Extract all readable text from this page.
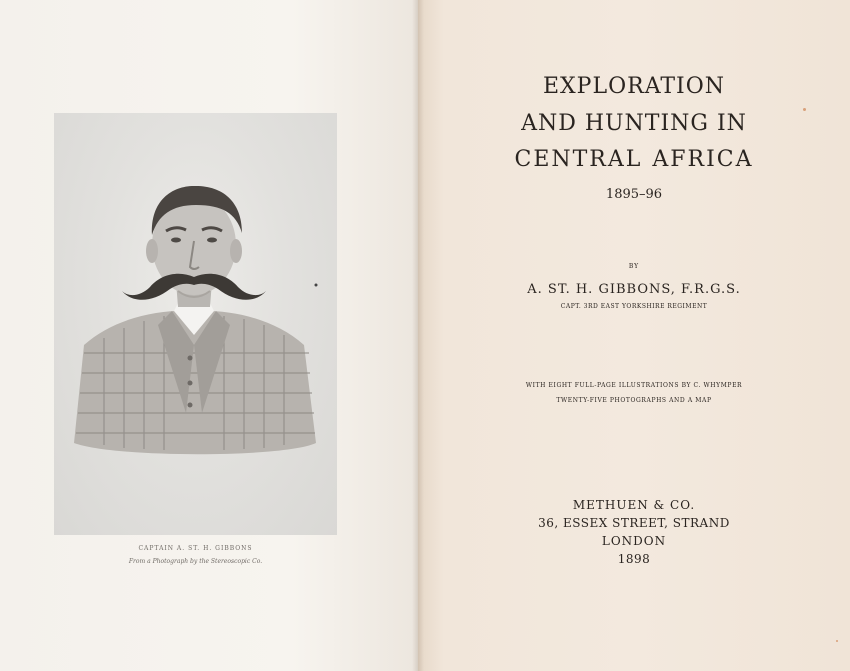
CAPTAIN A. ST. H. GIBBONS
From a Photograph by the Stereoscopic Co.
EXPLORATION
AND HUNTING IN
CENTRAL AFRICA
1895–96
BY
A. ST. H. GIBBONS, F.R.G.S.
CAPT. 3RD EAST YORKSHIRE REGIMENT
WITH EIGHT FULL-PAGE ILLUSTRATIONS BY C. WHYMPER
TWENTY-FIVE PHOTOGRAPHS AND A MAP
METHUEN & CO.
36, ESSEX STREET, STRAND
LONDON
1898
